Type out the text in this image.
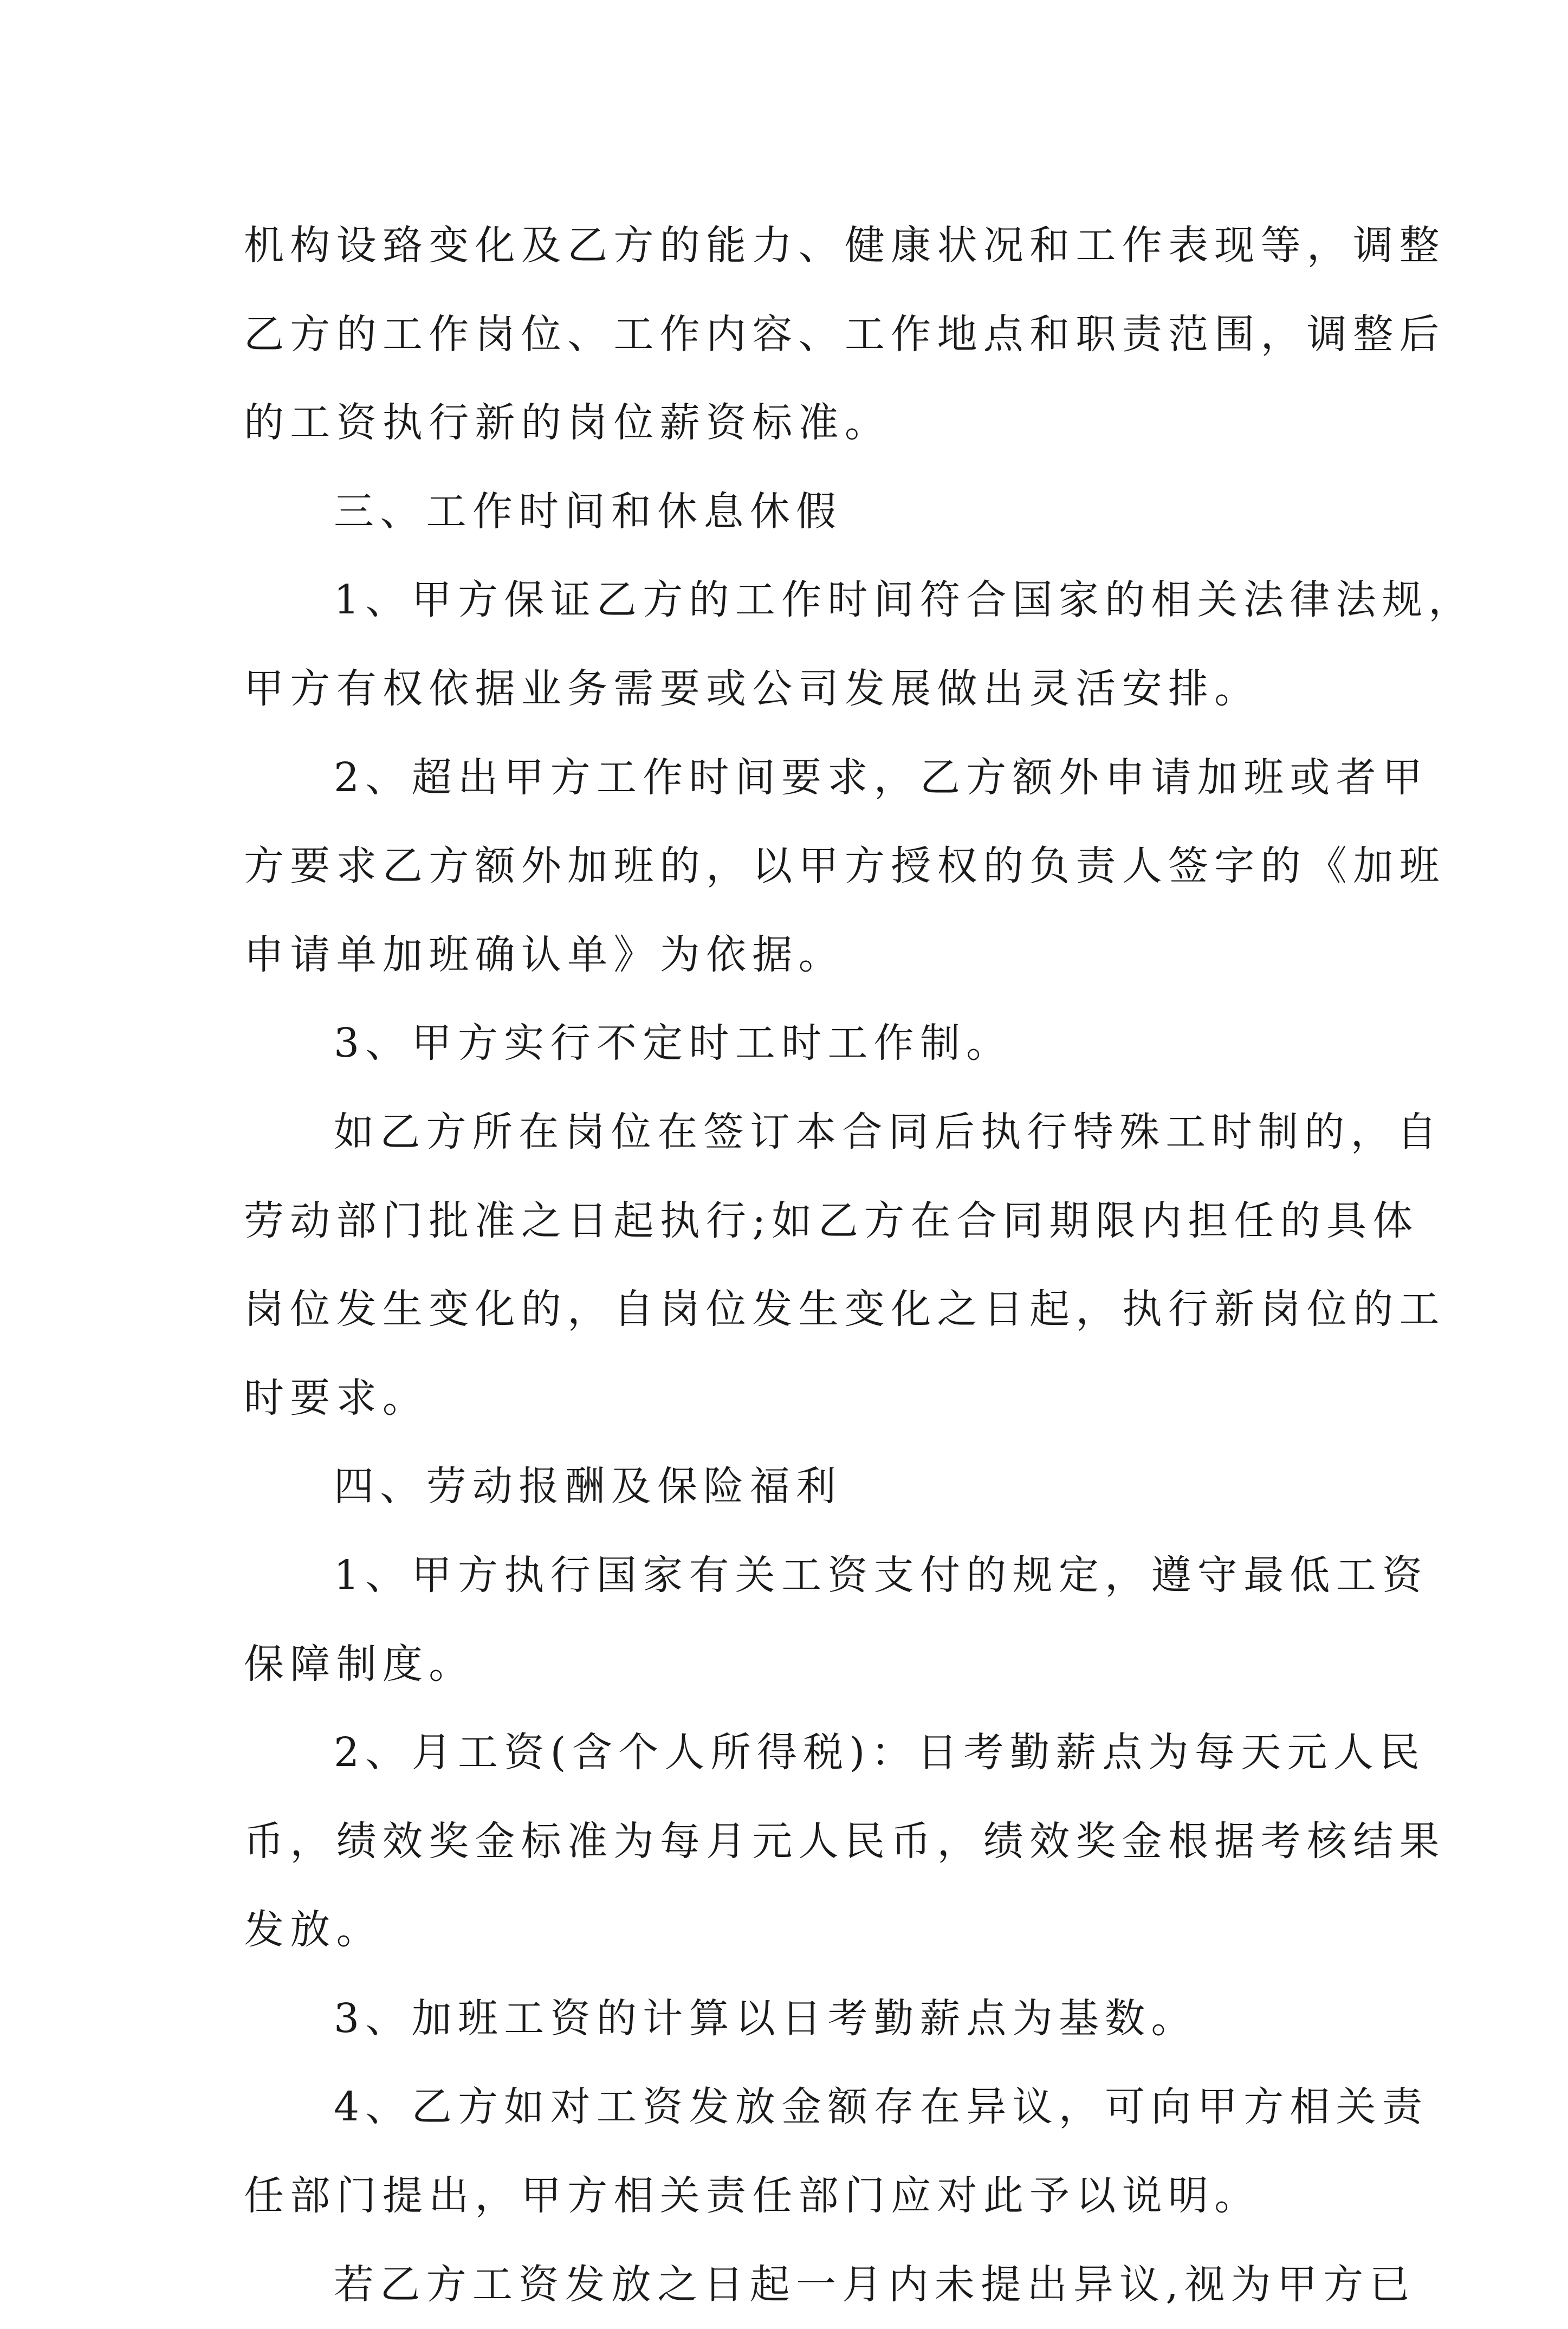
机构设臵变化及乙方的能力、健康状况和工作表现等，调整
乙方的工作岗位、工作内容、工作地点和职责范围，调整后
的工资执行新的岗位薪资标准。
三、工作时间和休息休假
1、甲方保证乙方的工作时间符合国家的相关法律法规，
甲方有权依据业务需要或公司发展做出灵活安排。
2、超出甲方工作时间要求，乙方额外申请加班或者甲
方要求乙方额外加班的，以甲方授权的负责人签字的《加班
申请单加班确认单》为依据。
3、甲方实行不定时工时工作制。
如乙方所在岗位在签订本合同后执行特殊工时制的，自
劳动部门批准之日起执行;如乙方在合同期限内担任的具体
岗位发生变化的，自岗位发生变化之日起，执行新岗位的工
时要求。
四、劳动报酬及保险福利
1、甲方执行国家有关工资支付的规定，遵守最低工资
保障制度。
2、月工资(含个人所得税)：日考勤薪点为每天元人民
币，绩效奖金标准为每月元人民币，绩效奖金根据考核结果
发放。
3、加班工资的计算以日考勤薪点为基数。
4、乙方如对工资发放金额存在异议，可向甲方相关责
任部门提出，甲方相关责任部门应对此予以说明。
若乙方工资发放之日起一月内未提出异议,视为甲方已
